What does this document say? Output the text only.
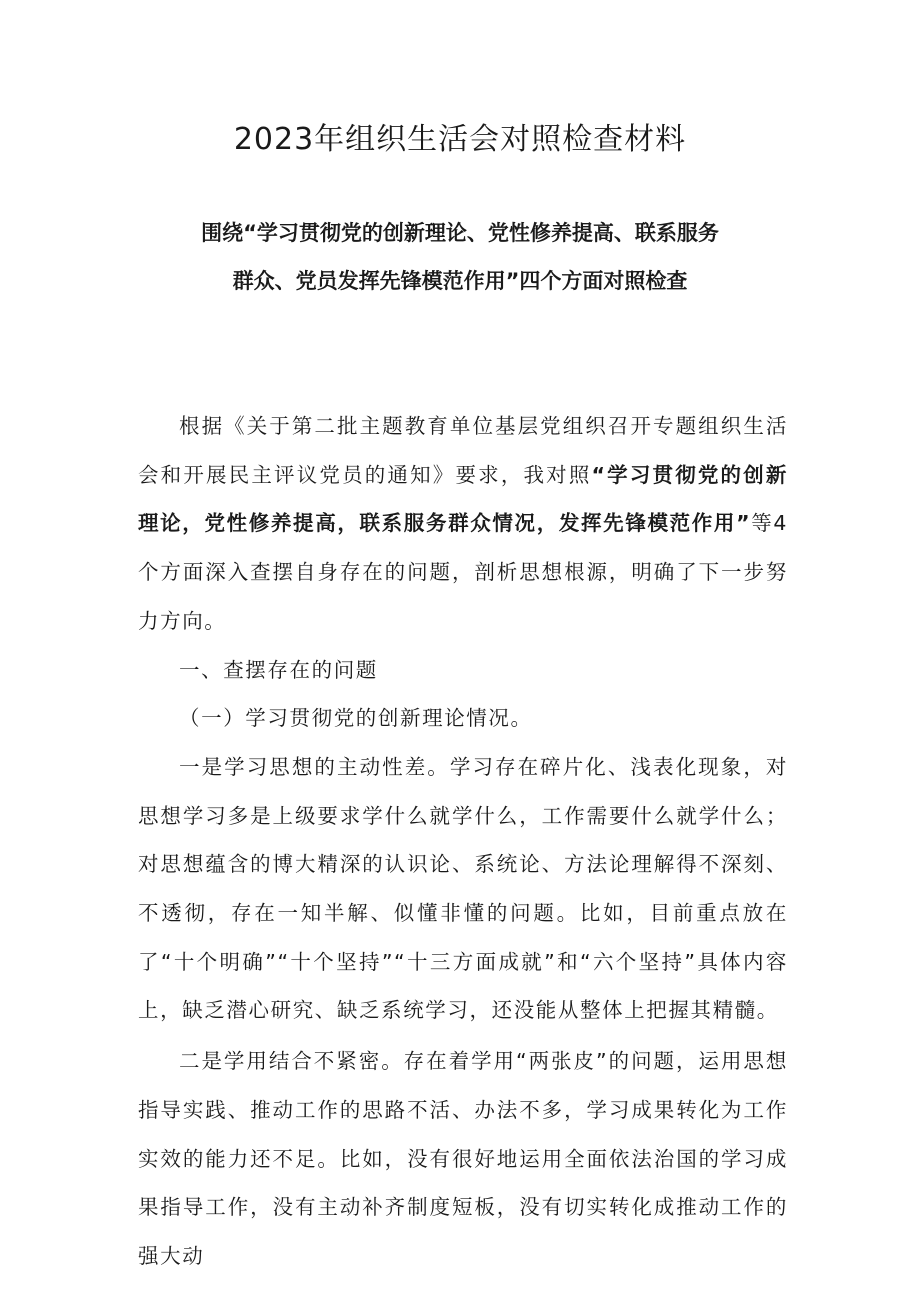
2023年组织生活会对照检查材料

围绕“学习贯彻党的创新理论、党性修养提高、联系服务

群众、党员发挥先锋模范作用”四个方面对照检查

根据《关于第二批主题教育单位基层党组织召开专题组织生活会和开展民主评议党员的通知》要求，我对照“学习贯彻党的创新理论，党性修养提高，联系服务群众情况，发挥先锋模范作用”等4个方面深入查摆自身存在的问题，剖析思想根源，明确了下一步努力方向。

一、查摆存在的问题

（一）学习贯彻党的创新理论情况。

一是学习思想的主动性差。学习存在碎片化、浅表化现象，对思想学习多是上级要求学什么就学什么，工作需要什么就学什么；对思想蕴含的博大精深的认识论、系统论、方法论理解得不深刻、不透彻，存在一知半解、似懂非懂的问题。比如，目前重点放在了“十个明确”“十个坚持”“十三方面成就”和“六个坚持”具体内容上，缺乏潜心研究、缺乏系统学习，还没能从整体上把握其精髓。

二是学用结合不紧密。存在着学用“两张皮”的问题，运用思想指导实践、推动工作的思路不活、办法不多，学习成果转化为工作实效的能力还不足。比如，没有很好地运用全面依法治国的学习成果指导工作，没有主动补齐制度短板，没有切实转化成推动工作的强大动
